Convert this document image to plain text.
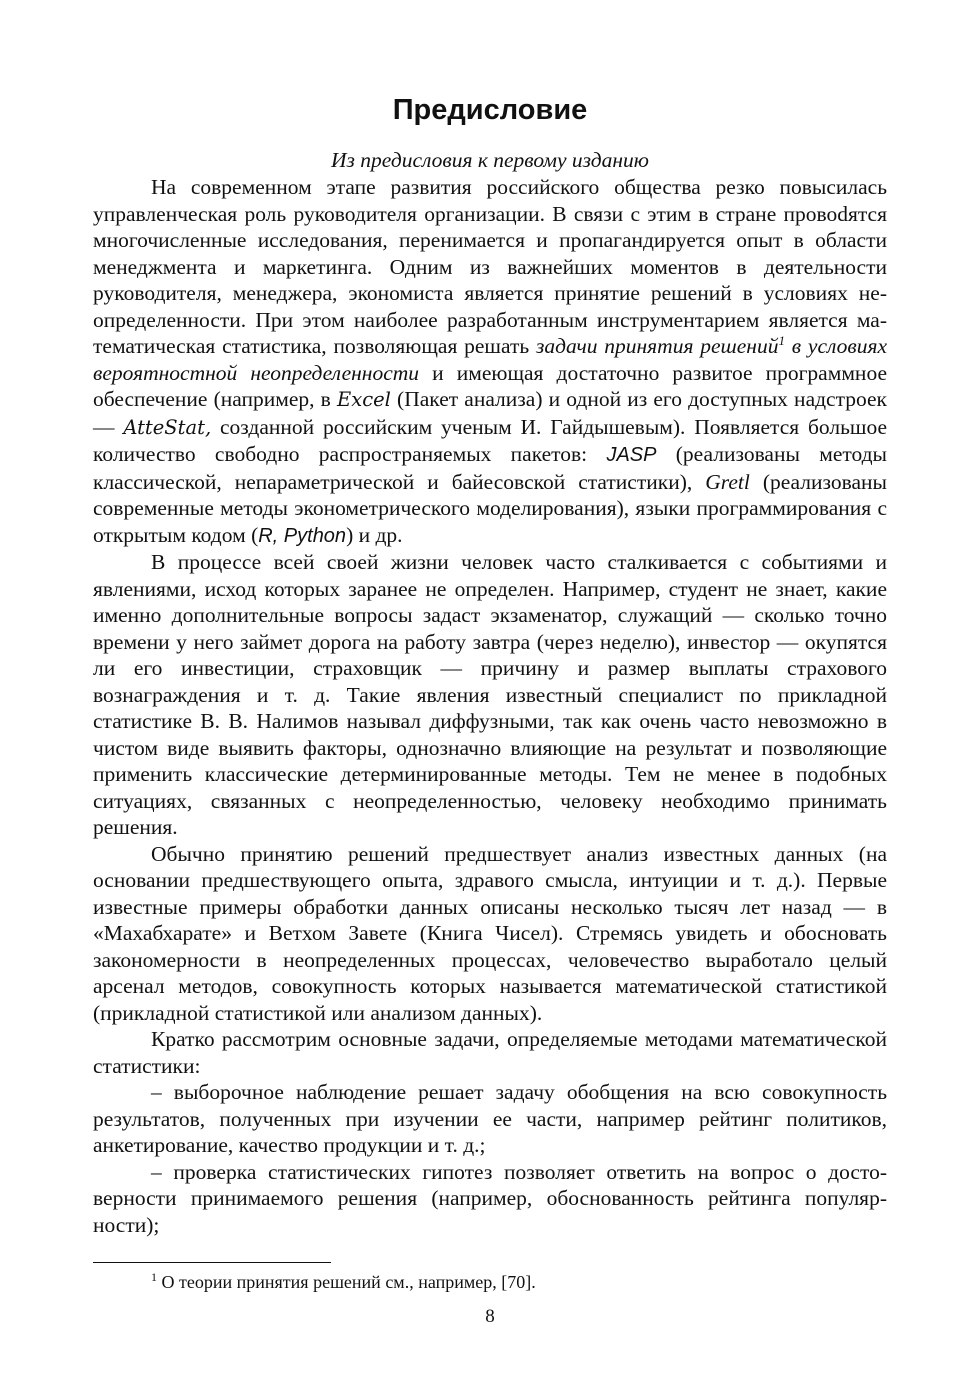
Предисловие

Из предисловия к первому изданию

На современном этапе развития российского общества резко повысилась управленческая роль руководителя организации. В связи с этим в стране провоdятся многочисленные исследования, перенимается и пропагандируется опыт в области менеджмента и маркетинга. Одним из важнейших моментов в деятельности руководителя, менеджера, экономиста является принятие решений в условиях неопределенности. При этом наиболее разработанным инструментарием является математическая статистика, позволяющая решать задачи принятия решений$^1$ в условиях вероятностной неопределенности и имеющая достаточно развитое программное обеспечение (например, в Excel (Пакет анализа) и одной из его доступных надстроек — AtteStat, созданной российским ученым И. Гайдышевым). Появляется большое количество свободно распространяемых пакетов: JASP (реализованы методы классической, непараметрической и байесовской статистики), Gretl (реализованы современные методы эконометрического моделирования), языки программирования с открытым кодом (R, Python) и др.

В процессе всей своей жизни человек часто сталкивается с событиями и явлениями, исход которых заранее не определен. Например, студент не знает, какие именно дополнительные вопросы задаст экзаменатор, служащий — сколько точно времени у него займет дорога на работу завтра (через неделю), инвестор — окупятся ли его инвестиции, страховщик — причину и размер выплаты страхового вознаграждения и т. д. Такие явления известный специалист по прикладной статистике В. В. Налимов называл диффузными, так как очень часто невозможно в чистом виде выявить факторы, однозначно влияющие на результат и позволяющие применить классические детерминированные методы. Тем не менее в подобных ситуациях, связанных с неопределенностью, человеку необходимо принимать решения.

Обычно принятию решений предшествует анализ известных данных (на основании предшествующего опыта, здравого смысла, интуиции и т. д.). Первые известные примеры обработки данных описаны несколько тысяч лет назад — в «Махабхарате» и Ветхом Завете (Книга Чисел). Стремясь увидеть и обосновать закономерности в неопределенных процессах, человечество выработало целый арсенал методов, совокупность которых называется математической статистикой (прикладной статистикой или анализом данных).

Кратко рассмотрим основные задачи, определяемые методами математической статистики:

– выборочное наблюдение решает задачу обобщения на всю совокупность результатов, полученных при изучении ее части, например рейтинг политиков, анкетирование, качество продукции и т. д.;

– проверка статистических гипотез позволяет ответить на вопрос о достоверности принимаемого решения (например, обоснованность рейтинга популярности);

$^1$ О теории принятия решений см., например, [70].

8
